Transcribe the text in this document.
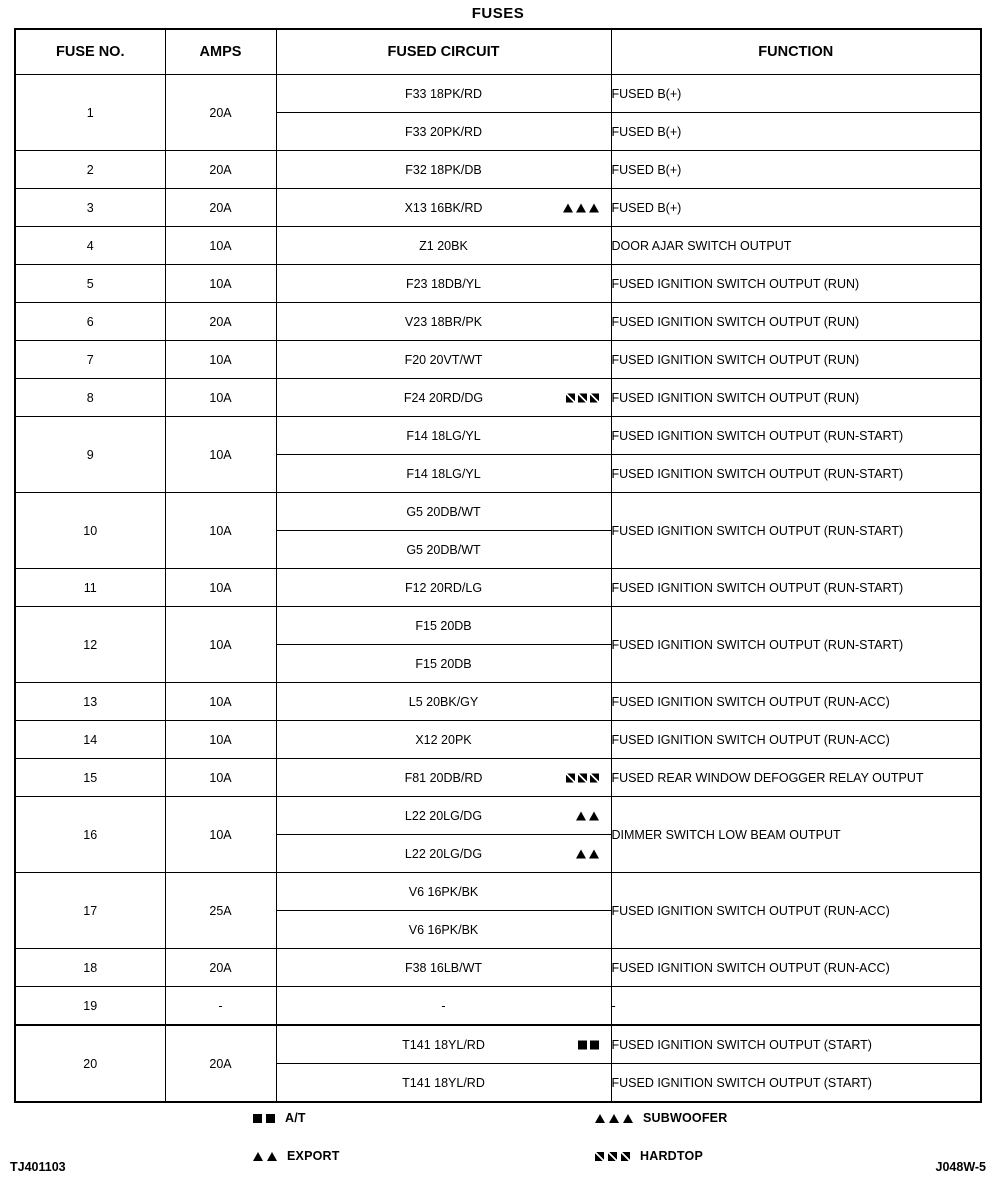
FUSES
FUSE NO.	AMPS	FUSED CIRCUIT	FUNCTION
1	20A	F33 18PK/RD	FUSED B(+)

		F33 20PK/RD	FUSED B(+)
2	20A	F32 18PK/DB	FUSED B(+)
3	20A	X13 16BK/RD	FUSED B(+)
4	10A	Z1 20BK	DOOR AJAR SWITCH OUTPUT
5	10A	F23 18DB/YL	FUSED IGNITION SWITCH OUTPUT (RUN)
6	20A	V23 18BR/PK	FUSED IGNITION SWITCH OUTPUT (RUN)
7	10A	F20 20VT/WT	FUSED IGNITION SWITCH OUTPUT (RUN)
8	10A	F24 20RD/DG	FUSED IGNITION SWITCH OUTPUT (RUN)
9	10A	F14 18LG/YL	FUSED IGNITION SWITCH OUTPUT (RUN-START)

		F14 18LG/YL	FUSED IGNITION SWITCH OUTPUT (RUN-START)
10	10A	G5 20DB/WT	FUSED IGNITION SWITCH OUTPUT (RUN-START)

		G5 20DB/WT	

11	10A	F12 20RD/LG	FUSED IGNITION SWITCH OUTPUT (RUN-START)
12	10A	F15 20DB	FUSED IGNITION SWITCH OUTPUT (RUN-START)

		F15 20DB	

13	10A	L5 20BK/GY	FUSED IGNITION SWITCH OUTPUT (RUN-ACC)
14	10A	X12 20PK	FUSED IGNITION SWITCH OUTPUT (RUN-ACC)
15	10A	F81 20DB/RD	FUSED REAR WINDOW DEFOGGER RELAY OUTPUT
16	10A	L22 20LG/DG	DIMMER SWITCH LOW BEAM OUTPUT

		L22 20LG/DG	

17	25A	V6 16PK/BK	FUSED IGNITION SWITCH OUTPUT (RUN-ACC)

		V6 16PK/BK	

18	20A	F38 16LB/WT	FUSED IGNITION SWITCH OUTPUT (RUN-ACC)
19	-	-	-
20	20A	T141 18YL/RD	FUSED IGNITION SWITCH OUTPUT (START)

		T141 18YL/RD	FUSED IGNITION SWITCH OUTPUT (START)
A/T	SUBWOOFER
EXPORT	HARDTOP
TJ401103	J048W-5
